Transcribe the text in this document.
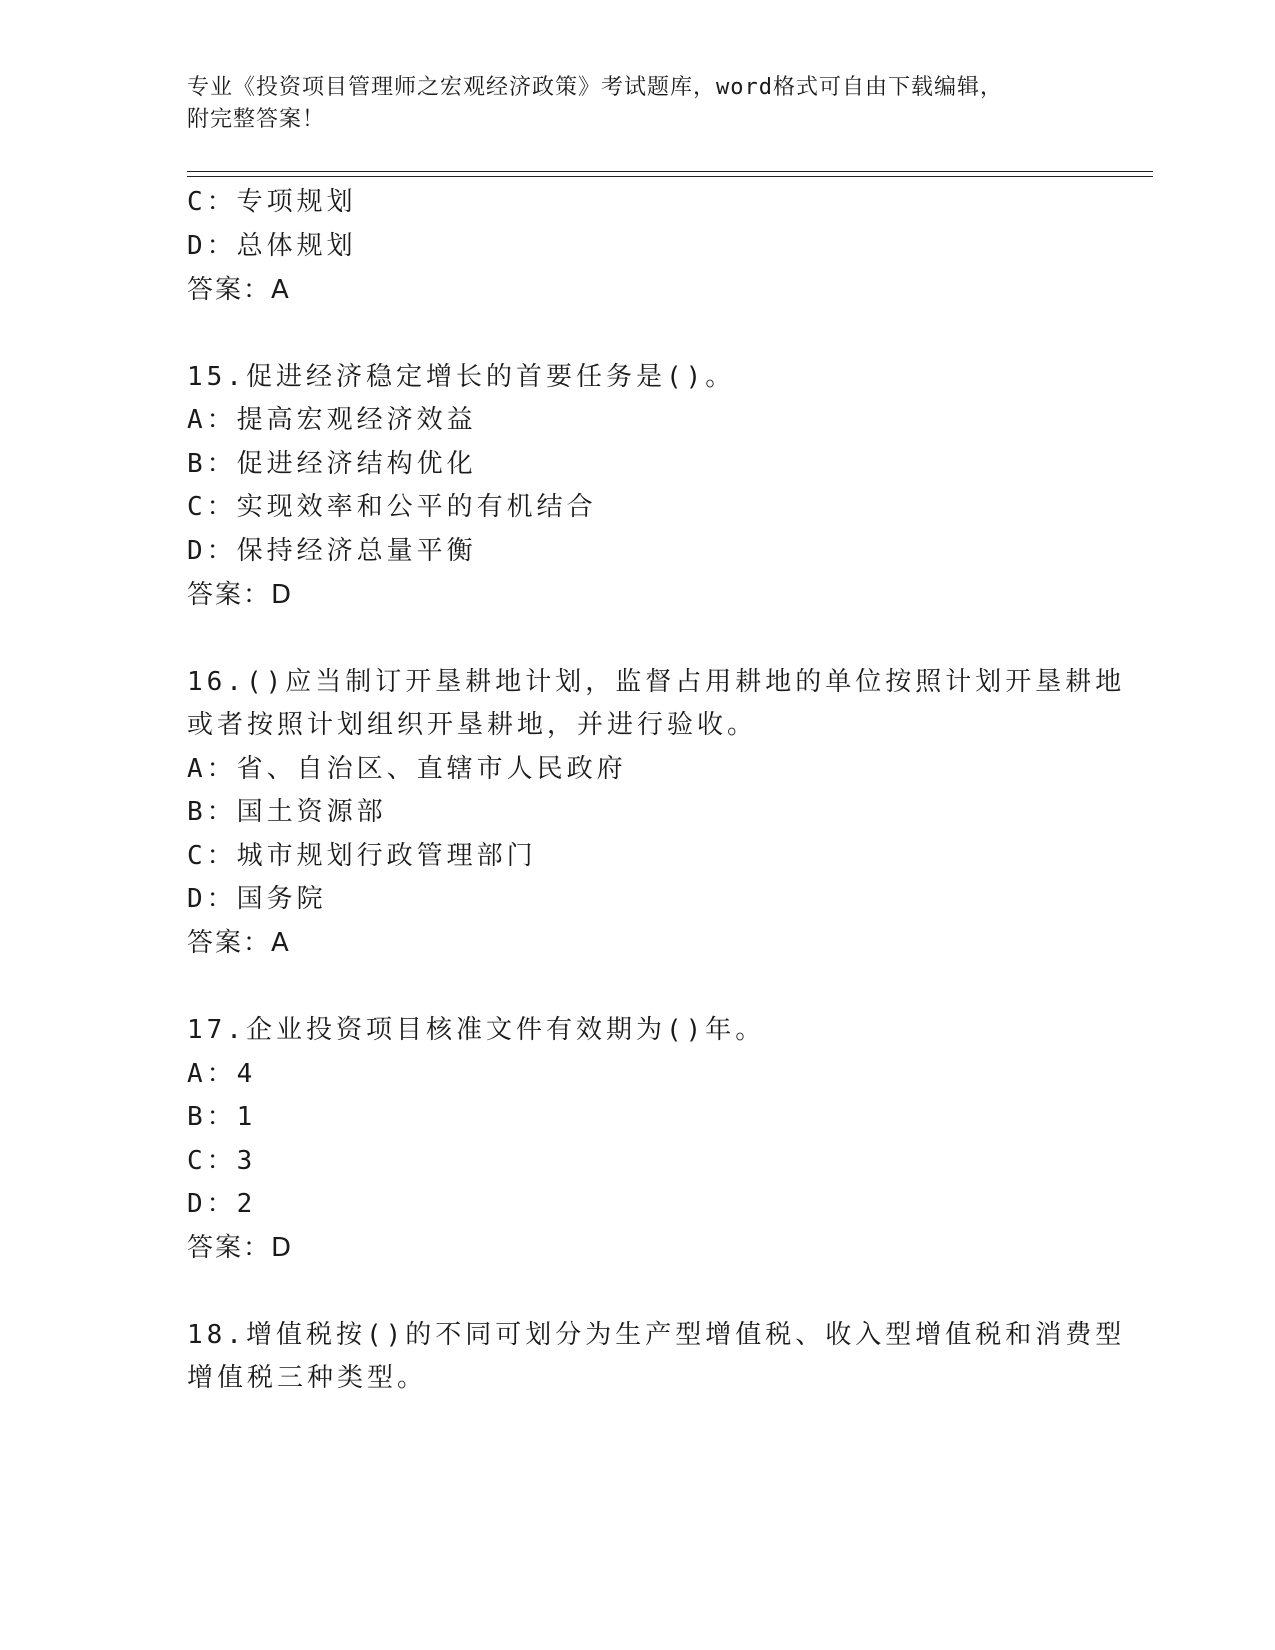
专业《投资项目管理师之宏观经济政策》考试题库，word格式可自由下载编辑，
附完整答案！
C：专项规划
D：总体规划
答案：A
15.促进经济稳定增长的首要任务是()。
A：提高宏观经济效益
B：促进经济结构优化
C：实现效率和公平的有机结合
D：保持经济总量平衡
答案：D
16.()应当制订开垦耕地计划，监督占用耕地的单位按照计划开垦耕地
或者按照计划组织开垦耕地，并进行验收。
A：省、自治区、直辖市人民政府
B：国土资源部
C：城市规划行政管理部门
D：国务院
答案：A
17.企业投资项目核准文件有效期为()年。
A：4
B：1
C：3
D：2
答案：D
18.增值税按()的不同可划分为生产型增值税、收入型增值税和消费型
增值税三种类型。
